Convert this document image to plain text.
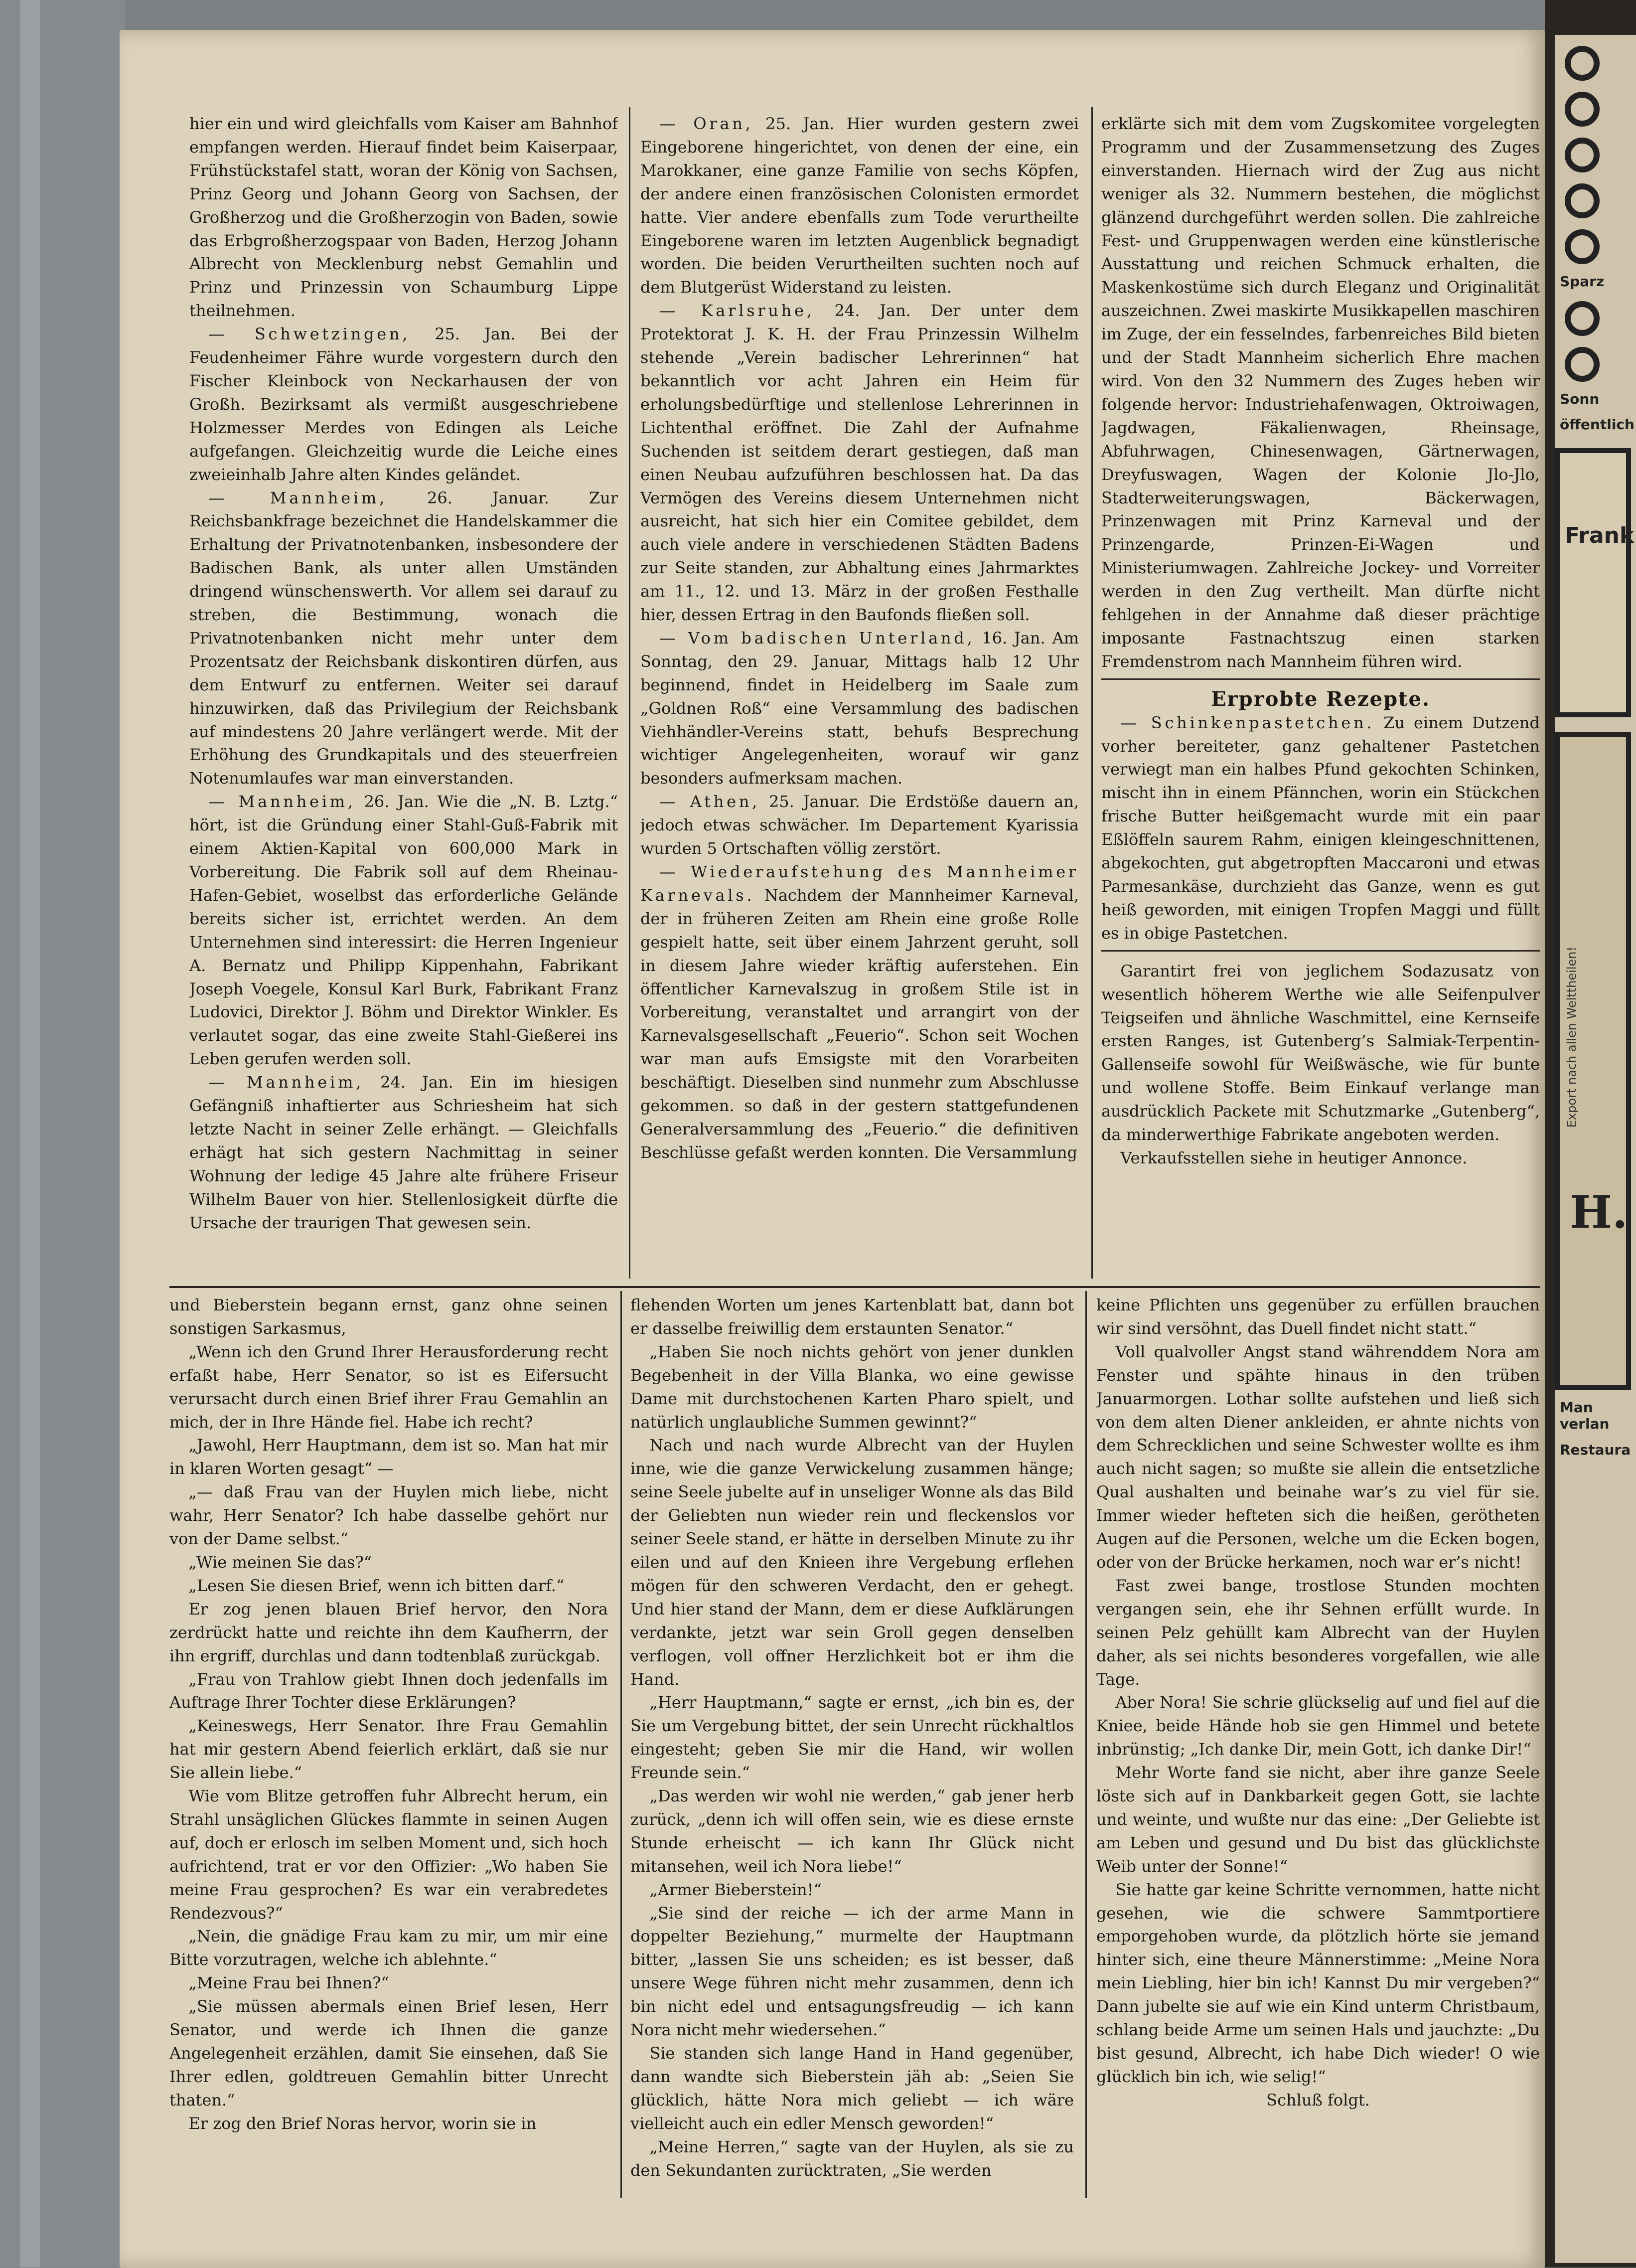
Sparz
Sonn
öffentlich
Frank
Export nach allen Welttheilen!
H.
Man verlan
Restaura

hier ein und wird gleichfalls vom Kaiser am Bahnhof empfangen werden. Hierauf findet beim Kaiserpaar, Frühstückstafel statt, woran der König von Sachsen, Prinz Georg und Johann Georg von Sachsen, der Großherzog und die Großherzogin von Baden, sowie das Erbgroßherzogspaar von Baden, Herzog Johann Albrecht von Mecklenburg nebst Gemahlin und Prinz und Prinzessin von Schaumburg Lippe theilnehmen.

— Schwetzingen, 25. Jan. Bei der Feudenheimer Fähre wurde vorgestern durch den Fischer Kleinbock von Neckarhausen der von Großh. Bezirksamt als vermißt ausgeschriebene Holzmesser Merdes von Edingen als Leiche aufgefangen. Gleichzeitig wurde die Leiche eines zweieinhalb Jahre alten Kindes geländet.

— Mannheim, 26. Januar. Zur Reichsbankfrage bezeichnet die Handelskammer die Erhaltung der Privatnotenbanken, insbesondere der Badischen Bank, als unter allen Umständen dringend wünschenswerth. Vor allem sei darauf zu streben, die Bestimmung, wonach die Privatnotenbanken nicht mehr unter dem Prozentsatz der Reichsbank diskontiren dürfen, aus dem Entwurf zu entfernen. Weiter sei darauf hinzuwirken, daß das Privilegium der Reichsbank auf mindestens 20 Jahre verlängert werde. Mit der Erhöhung des Grundkapitals und des steuerfreien Notenumlaufes war man einverstanden.

— Mannheim, 26. Jan. Wie die „N. B. Lztg.“ hört, ist die Gründung einer Stahl-Guß-Fabrik mit einem Aktien-Kapital von 600,000 Mark in Vorbereitung. Die Fabrik soll auf dem Rheinau-Hafen-Gebiet, woselbst das erforderliche Gelände bereits sicher ist, errichtet werden. An dem Unternehmen sind interessirt: die Herren Ingenieur A. Bernatz und Philipp Kippenhahn, Fabrikant Joseph Voegele, Konsul Karl Burk, Fabrikant Franz Ludovici, Direktor J. Böhm und Direktor Winkler. Es verlautet sogar, das eine zweite Stahl-Gießerei ins Leben gerufen werden soll.

— Mannheim, 24. Jan. Ein im hiesigen Gefängniß inhaftierter aus Schriesheim hat sich letzte Nacht in seiner Zelle erhängt. — Gleichfalls erhägt hat sich gestern Nachmittag in seiner Wohnung der ledige 45 Jahre alte frühere Friseur Wilhelm Bauer von hier. Stellenlosigkeit dürfte die Ursache der traurigen That gewesen sein.

— Oran, 25. Jan. Hier wurden gestern zwei Eingeborene hingerichtet, von denen der eine, ein Marokkaner, eine ganze Familie von sechs Köpfen, der andere einen französischen Colonisten ermordet hatte. Vier andere ebenfalls zum Tode verurtheilte Eingeborene waren im letzten Augenblick begnadigt worden. Die beiden Verurtheilten suchten noch auf dem Blutgerüst Widerstand zu leisten.

— Karlsruhe, 24. Jan. Der unter dem Protektorat J. K. H. der Frau Prinzessin Wilhelm stehende „Verein badischer Lehrerinnen“ hat bekanntlich vor acht Jahren ein Heim für erholungsbedürftige und stellenlose Lehrerinnen in Lichtenthal eröffnet. Die Zahl der Aufnahme Suchenden ist seitdem derart gestiegen, daß man einen Neubau aufzuführen beschlossen hat. Da das Vermögen des Vereins diesem Unternehmen nicht ausreicht, hat sich hier ein Comitee gebildet, dem auch viele andere in verschiedenen Städten Badens zur Seite standen, zur Abhaltung eines Jahrmarktes am 11., 12. und 13. März in der großen Festhalle hier, dessen Ertrag in den Baufonds fließen soll.

— Vom badischen Unterland, 16. Jan. Am Sonntag, den 29. Januar, Mittags halb 12 Uhr beginnend, findet in Heidelberg im Saale zum „Goldnen Roß“ eine Versammlung des badischen Viehhändler-Vereins statt, behufs Besprechung wichtiger Angelegenheiten, worauf wir ganz besonders aufmerksam machen.

— Athen, 25. Januar. Die Erdstöße dauern an, jedoch etwas schwächer. Im Departement Kyarissia wurden 5 Ortschaften völlig zerstört.

— Wiederaufstehung des Mannheimer Karnevals. Nachdem der Mannheimer Karneval, der in früheren Zeiten am Rhein eine große Rolle gespielt hatte, seit über einem Jahrzent geruht, soll in diesem Jahre wieder kräftig auferstehen. Ein öffentlicher Karnevalszug in großem Stile ist in Vorbereitung, veranstaltet und arrangirt von der Karnevalsgesellschaft „Feuerio“. Schon seit Wochen war man aufs Emsigste mit den Vorarbeiten beschäftigt. Dieselben sind nunmehr zum Abschlusse gekommen. so daß in der gestern stattgefundenen Generalversammlung des „Feuerio.“ die definitiven Beschlüsse gefaßt werden konnten. Die Versammlung

erklärte sich mit dem vom Zugskomitee vorgelegten Programm und der Zusammensetzung des Zuges einverstanden. Hiernach wird der Zug aus nicht weniger als 32. Nummern bestehen, die möglichst glänzend durchgeführt werden sollen. Die zahlreiche Fest- und Gruppenwagen werden eine künstlerische Ausstattung und reichen Schmuck erhalten, die Maskenkostüme sich durch Eleganz und Originalität auszeichnen. Zwei maskirte Musikkapellen maschiren im Zuge, der ein fesselndes, farbenreiches Bild bieten und der Stadt Mannheim sicherlich Ehre machen wird. Von den 32 Nummern des Zuges heben wir folgende hervor: Industriehafenwagen, Oktroiwagen, Jagdwagen, Fäkalienwagen, Rheinsage, Abfuhrwagen, Chinesenwagen, Gärtnerwagen, Dreyfuswagen, Wagen der Kolonie Jlo-Jlo, Stadterweiterungswagen, Bäckerwagen, Prinzenwagen mit Prinz Karneval und der Prinzengarde, Prinzen-Ei-Wagen und Ministeriumwagen. Zahlreiche Jockey- und Vorreiter werden in den Zug vertheilt. Man dürfte nicht fehlgehen in der Annahme daß dieser prächtige imposante Fastnachtszug einen starken Fremdenstrom nach Mannheim führen wird.

Erprobte Rezepte.

— Schinkenpastetchen. Zu einem Dutzend vorher bereiteter, ganz gehaltener Pastetchen verwiegt man ein halbes Pfund gekochten Schinken, mischt ihn in einem Pfännchen, worin ein Stückchen frische Butter heißgemacht wurde mit ein paar Eßlöffeln saurem Rahm, einigen kleingeschnittenen, abgekochten, gut abgetropften Maccaroni und etwas Parmesankäse, durchzieht das Ganze, wenn es gut heiß geworden, mit einigen Tropfen Maggi und füllt es in obige Pastetchen.

Garantirt frei von jeglichem Sodazusatz von wesentlich höherem Werthe wie alle Seifenpulver Teigseifen und ähnliche Waschmittel, eine Kernseife ersten Ranges, ist Gutenberg’s Salmiak-Terpentin-Gallenseife sowohl für Weißwäsche, wie für bunte und wollene Stoffe. Beim Einkauf verlange man ausdrücklich Packete mit Schutzmarke „Gutenberg“, da minderwerthige Fabrikate angeboten werden.

Verkaufsstellen siehe in heutiger Annonce.

und Bieberstein begann ernst, ganz ohne seinen sonstigen Sarkasmus,

„Wenn ich den Grund Ihrer Herausforderung recht erfaßt habe, Herr Senator, so ist es Eifersucht verursacht durch einen Brief ihrer Frau Gemahlin an mich, der in Ihre Hände fiel. Habe ich recht?

„Jawohl, Herr Hauptmann, dem ist so. Man hat mir in klaren Worten gesagt“ —

„— daß Frau van der Huylen mich liebe, nicht wahr, Herr Senator? Ich habe dasselbe gehört nur von der Dame selbst.“

„Wie meinen Sie das?“

„Lesen Sie diesen Brief, wenn ich bitten darf.“

Er zog jenen blauen Brief hervor, den Nora zerdrückt hatte und reichte ihn dem Kaufherrn, der ihn ergriff, durchlas und dann todtenblaß zurückgab.

„Frau von Trahlow giebt Ihnen doch jedenfalls im Auftrage Ihrer Tochter diese Erklärungen?

„Keineswegs, Herr Senator. Ihre Frau Gemahlin hat mir gestern Abend feierlich erklärt, daß sie nur Sie allein liebe.“

Wie vom Blitze getroffen fuhr Albrecht herum, ein Strahl unsäglichen Glückes flammte in seinen Augen auf, doch er erlosch im selben Moment und, sich hoch aufrichtend, trat er vor den Offizier: „Wo haben Sie meine Frau gesprochen? Es war ein verabredetes Rendezvous?“

„Nein, die gnädige Frau kam zu mir, um mir eine Bitte vorzutragen, welche ich ablehnte.“

„Meine Frau bei Ihnen?“

„Sie müssen abermals einen Brief lesen, Herr Senator, und werde ich Ihnen die ganze Angelegenheit erzählen, damit Sie einsehen, daß Sie Ihrer edlen, goldtreuen Gemahlin bitter Unrecht thaten.“

Er zog den Brief Noras hervor, worin sie in

flehenden Worten um jenes Kartenblatt bat, dann bot er dasselbe freiwillig dem erstaunten Senator.“

„Haben Sie noch nichts gehört von jener dunklen Begebenheit in der Villa Blanka, wo eine gewisse Dame mit durchstochenen Karten Pharo spielt, und natürlich unglaubliche Summen gewinnt?“

Nach und nach wurde Albrecht van der Huylen inne, wie die ganze Verwickelung zusammen hänge; seine Seele jubelte auf in unseliger Wonne als das Bild der Geliebten nun wieder rein und fleckenslos vor seiner Seele stand, er hätte in derselben Minute zu ihr eilen und auf den Knieen ihre Vergebung erflehen mögen für den schweren Verdacht, den er gehegt. Und hier stand der Mann, dem er diese Aufklärungen verdankte, jetzt war sein Groll gegen denselben verflogen, voll offner Herzlichkeit bot er ihm die Hand.

„Herr Hauptmann,“ sagte er ernst, „ich bin es, der Sie um Vergebung bittet, der sein Unrecht rückhaltlos eingesteht; geben Sie mir die Hand, wir wollen Freunde sein.“

„Das werden wir wohl nie werden,“ gab jener herb zurück, „denn ich will offen sein, wie es diese ernste Stunde erheischt — ich kann Ihr Glück nicht mitansehen, weil ich Nora liebe!“

„Armer Bieberstein!“

„Sie sind der reiche — ich der arme Mann in doppelter Beziehung,“ murmelte der Hauptmann bitter, „lassen Sie uns scheiden; es ist besser, daß unsere Wege führen nicht mehr zusammen, denn ich bin nicht edel und entsagungsfreudig — ich kann Nora nicht mehr wiedersehen.“

Sie standen sich lange Hand in Hand gegenüber, dann wandte sich Bieberstein jäh ab: „Seien Sie glücklich, hätte Nora mich geliebt — ich wäre vielleicht auch ein edler Mensch geworden!“

„Meine Herren,“ sagte van der Huylen, als sie zu den Sekundanten zurücktraten, „Sie werden

keine Pflichten uns gegenüber zu erfüllen brauchen wir sind versöhnt, das Duell findet nicht statt.“

Voll qualvoller Angst stand währenddem Nora am Fenster und spähte hinaus in den trüben Januarmorgen. Lothar sollte aufstehen und ließ sich von dem alten Diener ankleiden, er ahnte nichts von dem Schrecklichen und seine Schwester wollte es ihm auch nicht sagen; so mußte sie allein die entsetzliche Qual aushalten und beinahe war’s zu viel für sie. Immer wieder hefteten sich die heißen, gerötheten Augen auf die Personen, welche um die Ecken bogen, oder von der Brücke herkamen, noch war er’s nicht!

Fast zwei bange, trostlose Stunden mochten vergangen sein, ehe ihr Sehnen erfüllt wurde. In seinen Pelz gehüllt kam Albrecht van der Huylen daher, als sei nichts besonderes vorgefallen, wie alle Tage.

Aber Nora! Sie schrie glückselig auf und fiel auf die Kniee, beide Hände hob sie gen Himmel und betete inbrünstig; „Ich danke Dir, mein Gott, ich danke Dir!“

Mehr Worte fand sie nicht, aber ihre ganze Seele löste sich auf in Dankbarkeit gegen Gott, sie lachte und weinte, und wußte nur das eine: „Der Geliebte ist am Leben und gesund und Du bist das glücklichste Weib unter der Sonne!“

Sie hatte gar keine Schritte vernommen, hatte nicht gesehen, wie die schwere Sammtportiere emporgehoben wurde, da plötzlich hörte sie jemand hinter sich, eine theure Männerstimme: „Meine Nora mein Liebling, hier bin ich! Kannst Du mir vergeben?“ Dann jubelte sie auf wie ein Kind unterm Christbaum, schlang beide Arme um seinen Hals und jauchzte: „Du bist gesund, Albrecht, ich habe Dich wieder! O wie glücklich bin ich, wie selig!“

Schluß folgt.
